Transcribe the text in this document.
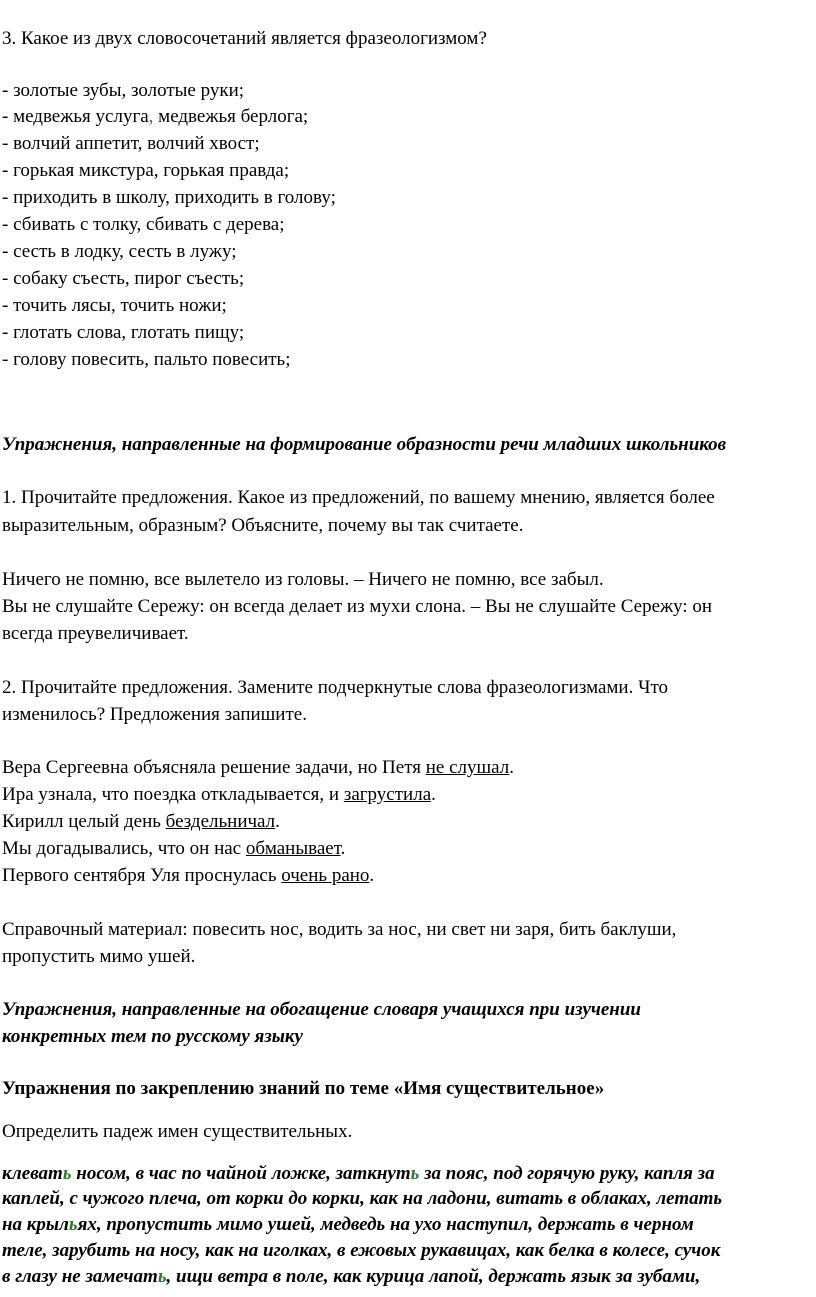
3. Какое из двух словосочетаний является фразеологизмом?
- золотые зубы, золотые руки;
- медвежья услуга, медвежья берлога;
- волчий аппетит, волчий хвост;
- горькая микстура, горькая правда;
- приходить в школу, приходить в голову;
- сбивать с толку, сбивать с дерева;
- сесть в лодку, сесть в лужу;
- собаку съесть, пирог съесть;
- точить лясы, точить ножи;
- глотать слова, глотать пищу;
- голову повесить, пальто повесить;
Упражнения, направленные на формирование образности речи младших школьников
1. Прочитайте предложения. Какое из предложений, по вашему мнению, является более
выразительным, образным? Объясните, почему вы так считаете.
Ничего не помню, все вылетело из головы. – Ничего не помню, все забыл.
Вы не слушайте Сережу: он всегда делает из мухи слона. – Вы не слушайте Сережу: он
всегда преувеличивает.
2. Прочитайте предложения. Замените подчеркнутые слова фразеологизмами. Что
изменилось? Предложения запишите.
Вера Сергеевна объясняла решение задачи, но Петя не слушал.
Ира узнала, что поездка откладывается, и загрустила.
Кирилл целый день бездельничал.
Мы догадывались, что он нас обманывает.
Первого сентября Уля проснулась очень рано.
Справочный материал: повесить нос, водить за нос, ни свет ни заря, бить баклуши,
пропустить мимо ушей.
Упражнения, направленные на обогащение словаря учащихся при изучении
конкретных тем по русскому языку
Упражнения по закреплению знаний по теме «Имя существительное»
Определить падеж имен существительных.
клевать носом, в час по чайной ложке, заткнуть за пояс, под горячую руку, капля за
каплей, с чужого плеча, от корки до корки, как на ладони, витать в облаках, летать
на крыльях, пропустить мимо ушей, медведь на ухо наступил, держать в черном
теле, зарубить на носу, как на иголках, в ежовых рукавицах, как белка в колесе, сучок
в глазу не замечать, ищи ветра в поле, как курица лапой, держать язык за зубами,
